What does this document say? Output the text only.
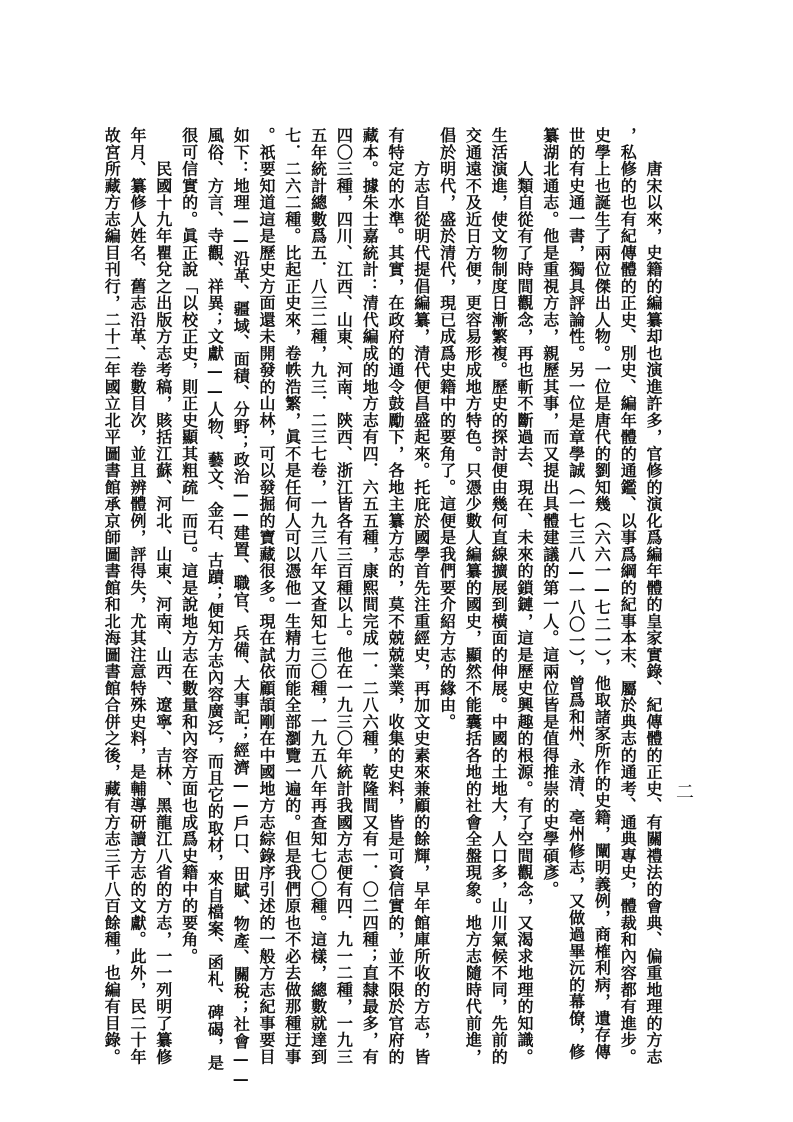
二
　　唐宋以來，史籍的編纂却也演進許多，官修的演化爲編年體的皇家實錄、紀傳體的正史、有關禮法的會典、偏重地理的方志
，私修的也有紀傳體的正史、別史、編年體的通鑑、以事爲綱的紀事本末、屬於典志的通考、通典專史，體裁和內容都有進步。
史學上也誕生了兩位傑出人物。一位是唐代的劉知幾（六六一—七二一），他取諸家所作的史籍，闡明義例，商榷利病，遺存傳
世的有史通一書，獨具評論性。另一位是章學誠（一七三八—一八〇一），曾爲和州、永清、亳州修志，又做過畢沅的幕僚，修
纂湖北通志。他是重視方志，親歷其事，而又提出具體建議的第一人。這兩位皆是值得推崇的史學碩彥。
　　人類自從有了時間觀念，再也斬不斷過去、現在、未來的鎖鏈，這是歷史興趣的根源。有了空間觀念，又渴求地理的知識。
生活演進，使文物制度日漸繁複。歷史的探討便由幾何直線擴展到橫面的伸展。中國的土地大，人口多，山川氣候不同，先前的
交通遠不及近日方便，更容易形成地方特色。只憑少數人編纂的國史，顯然不能囊括各地的社會全盤現象。地方志隨時代前進，
倡於明代，盛於清代，現已成爲史籍中的要角了。這便是我們要介紹方志的緣由。
　　方志自從明代提倡編纂，清代便昌盛起來。托庇於國學首先注重經史，再加文史素來兼顧的餘輝，早年館庫所收的方志，皆
有特定的水準。其實，在政府的通令鼓勵下，各地主纂方志的，莫不兢兢業業，收集的史料，皆是可資信實的，並不限於官府的
藏本。據朱士嘉統計：清代編成的地方志有四．六五五種，康熙間完成一．二八六種，乾隆間又有一．〇二四種；直隸最多，有
四〇三種，四川、江西、山東、河南、陝西、浙江皆各有三百種以上。他在一九三〇年統計我國方志便有四．九一二種，一九三
五年統計總數爲五．八三二種，九三．二三七卷，一九三八年又查知七三〇種，一九五八年再查知七〇〇種。這樣，總數就達到
七．二六二種。比起正史來，卷帙浩繁，眞不是任何人可以憑他一生精力而能全部瀏覽一遍的。但是我們原也不必去做那種迂事
。祇要知道這是歷史方面還未開發的山林，可以發掘的寶藏很多。現在試依顧頡剛在中國地方志綜錄序引述的一般方志紀事要目
如下：地理——沿革、疆域、面積、分野；政治——建置、職官、兵備、大事記；經濟——戶口、田賦、物產、關稅；社會——
風俗、方言、寺觀、祥異；文獻——人物、藝文、金石、古蹟；便知方志內容廣泛，而且它的取材，來自檔案、函札、碑碣，是
很可信實的。眞正說「以校正史，則正史顯其粗疏」而已。這是說地方志在數量和內容方面也成爲史籍中的要角。
　　民國十九年瞿兌之出版方志考稿，賅括江蘇、河北、山東、河南、山西、遼寧、吉林、黑龍江八省的方志，一一列明了纂修
年月、纂修人姓名、舊志沿革、卷數目次，並且辨體例，評得失，尤其注意特殊史料，是輔導研讀方志的文獻。此外，民二十年
故宮所藏方志編目刊行，二十二年國立北平圖書館承京師圖書館和北海圖書館合併之後，藏有方志三千八百餘種，也編有目錄。
